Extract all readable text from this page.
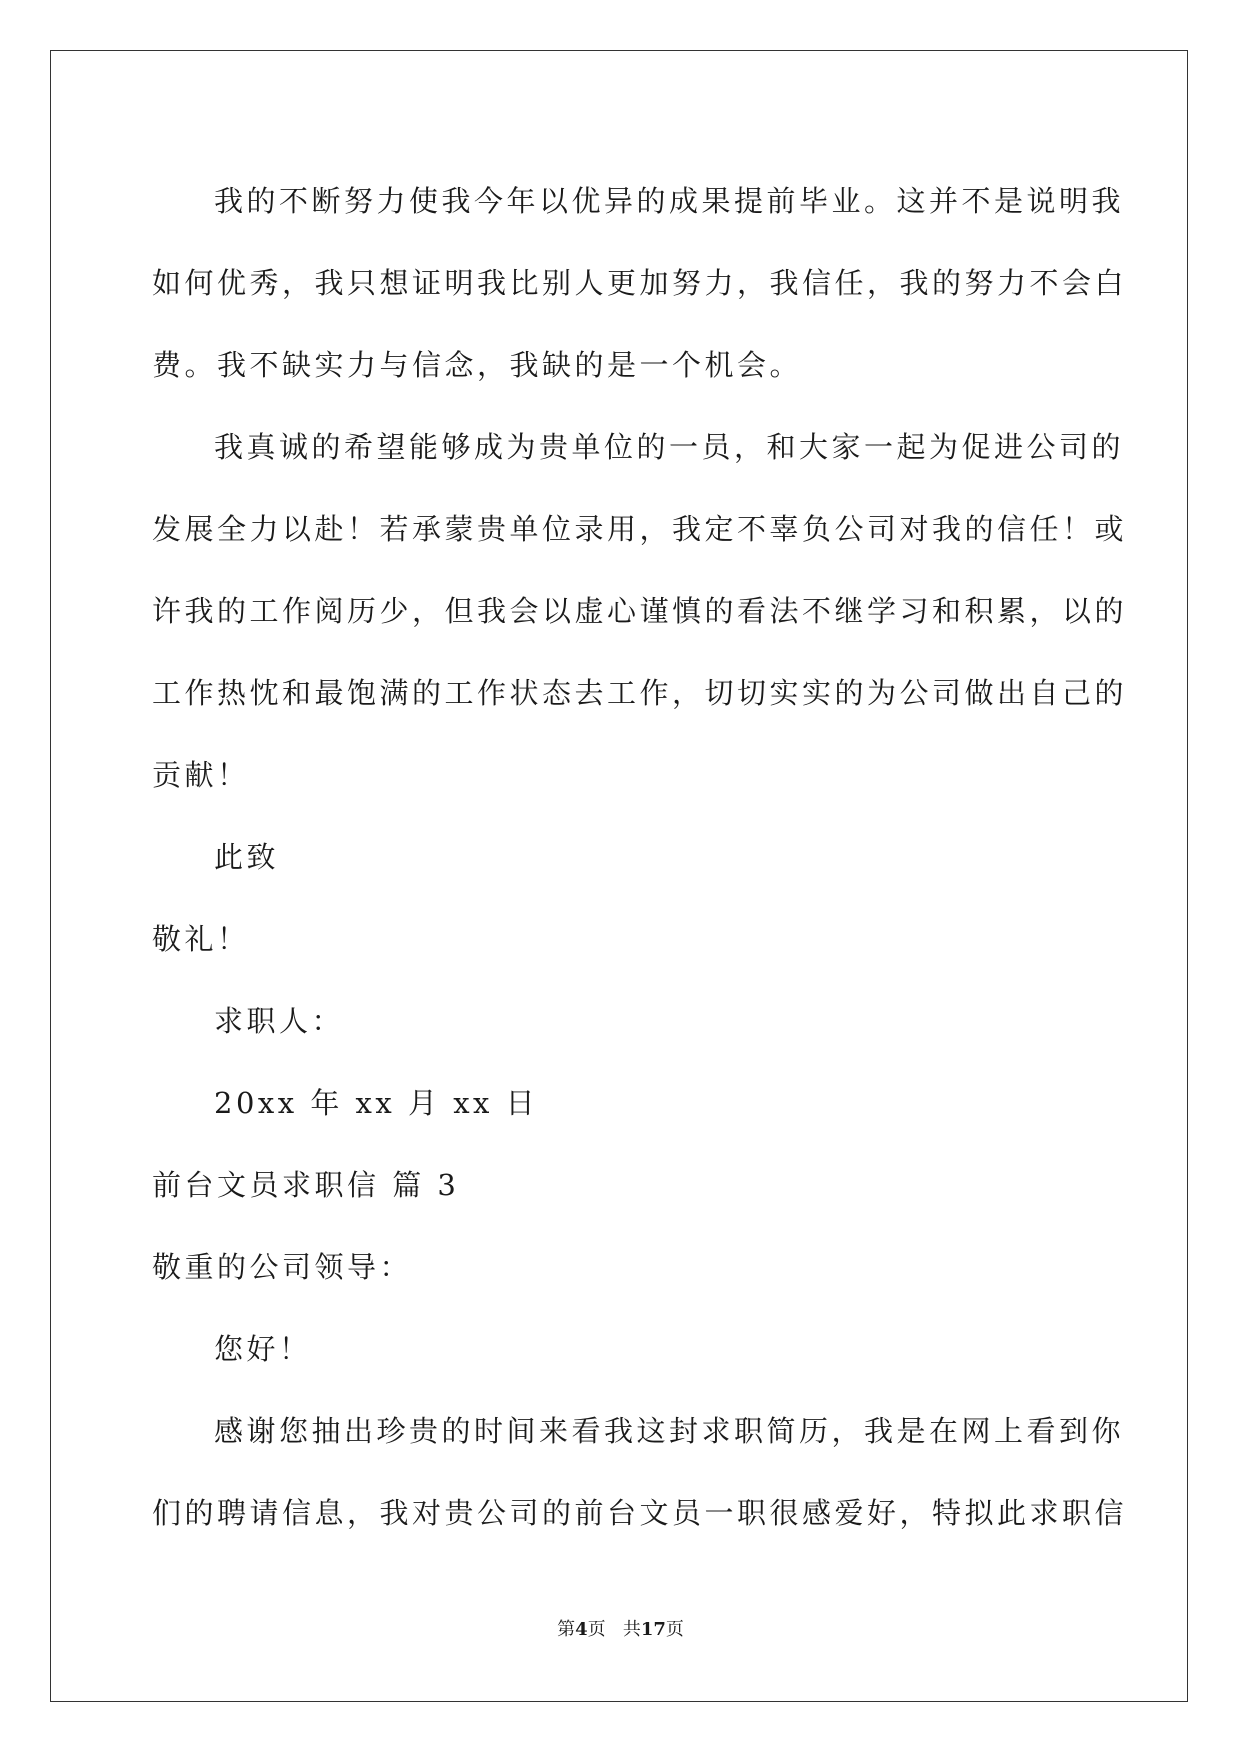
我的不断努力使我今年以优异的成果提前毕业。这并不是说明我
如何优秀，我只想证明我比别人更加努力，我信任，我的努力不会白
费。我不缺实力与信念，我缺的是一个机会。
我真诚的希望能够成为贵单位的一员，和大家一起为促进公司的
发展全力以赴！若承蒙贵单位录用，我定不辜负公司对我的信任！或
许我的工作阅历少，但我会以虚心谨慎的看法不继学习和积累，以的
工作热忱和最饱满的工作状态去工作，切切实实的为公司做出自己的
贡献！
此致
敬礼！
求职人：
20xx 年 xx 月 xx 日
前台文员求职信 篇 3
敬重的公司领导：
您好！
感谢您抽出珍贵的时间来看我这封求职简历，我是在网上看到你
们的聘请信息，我对贵公司的前台文员一职很感爱好，特拟此求职信
第4页 共17页
